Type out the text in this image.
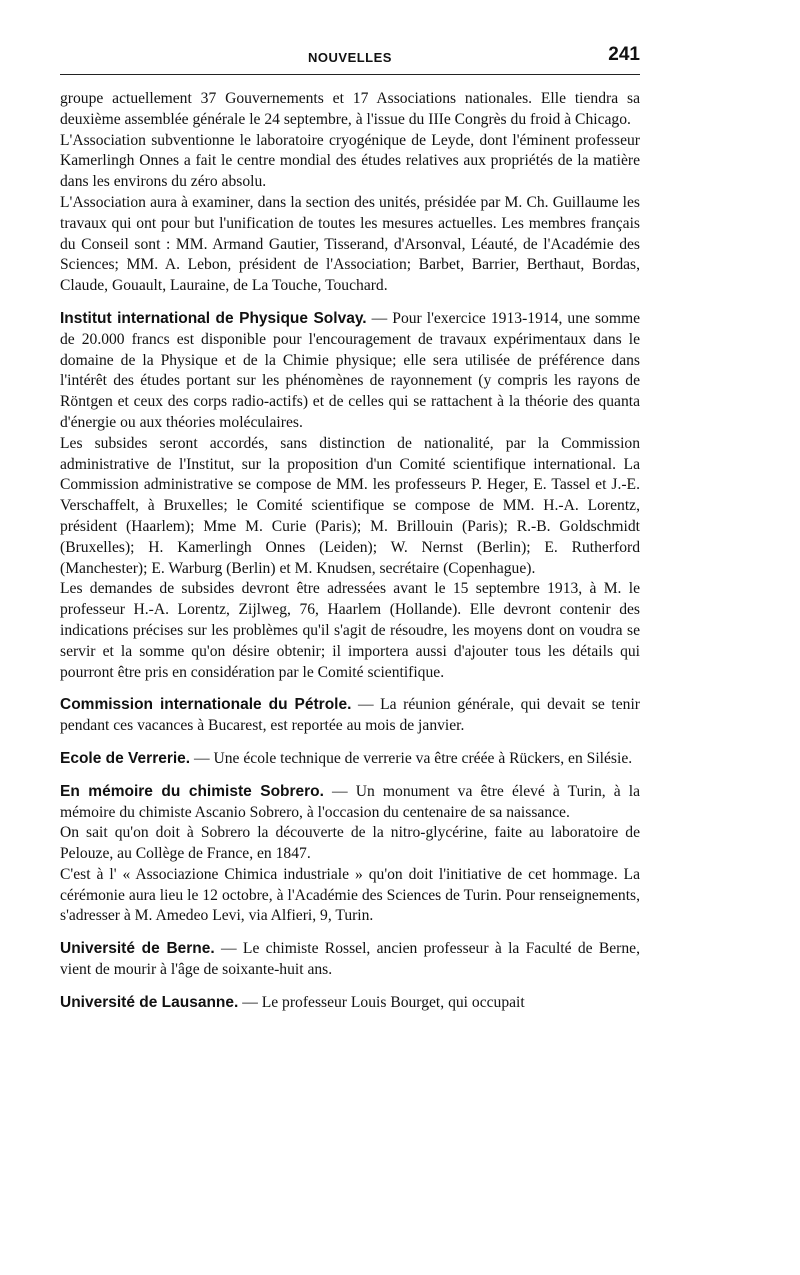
NOUVELLES	241

groupe actuellement 37 Gouvernements et 17 Associations nationales. Elle tiendra sa deuxième assemblée générale le 24 septembre, à l'issue du IIIe Congrès du froid à Chicago.

L'Association subventionne le laboratoire cryogénique de Leyde, dont l'éminent professeur Kamerlingh Onnes a fait le centre mondial des études relatives aux propriétés de la matière dans les environs du zéro absolu.

L'Association aura à examiner, dans la section des unités, présidée par M. Ch. Guillaume les travaux qui ont pour but l'unification de toutes les mesures actuelles. Les membres français du Conseil sont : MM. Armand Gautier, Tisserand, d'Arsonval, Léauté, de l'Académie des Sciences; MM. A. Lebon, président de l'Association; Barbet, Barrier, Berthaut, Bordas, Claude, Gouault, Lauraine, de La Touche, Touchard.

Institut international de Physique Solvay. — Pour l'exercice 1913-1914, une somme de 20.000 francs est disponible pour l'encouragement de travaux expérimentaux dans le domaine de la Physique et de la Chimie physique; elle sera utilisée de préférence dans l'intérêt des études portant sur les phénomènes de rayonnement (y compris les rayons de Röntgen et ceux des corps radio-actifs) et de celles qui se rattachent à la théorie des quanta d'énergie ou aux théories moléculaires.

Les subsides seront accordés, sans distinction de nationalité, par la Commission administrative de l'Institut, sur la proposition d'un Comité scientifique international. La Commission administrative se compose de MM. les professeurs P. Heger, E. Tassel et J.-E. Verschaffelt, à Bruxelles; le Comité scientifique se compose de MM. H.-A. Lorentz, président (Haarlem); Mme M. Curie (Paris); M. Brillouin (Paris); R.-B. Goldschmidt (Bruxelles); H. Kamerlingh Onnes (Leiden); W. Nernst (Berlin); E. Rutherford (Manchester); E. Warburg (Berlin) et M. Knudsen, secrétaire (Copenhague).

Les demandes de subsides devront être adressées avant le 15 septembre 1913, à M. le professeur H.-A. Lorentz, Zijlweg, 76, Haarlem (Hollande). Elle devront contenir des indications précises sur les problèmes qu'il s'agit de résoudre, les moyens dont on voudra se servir et la somme qu'on désire obtenir; il importera aussi d'ajouter tous les détails qui pourront être pris en considération par le Comité scientifique.

Commission internationale du Pétrole. — La réunion générale, qui devait se tenir pendant ces vacances à Bucarest, est reportée au mois de janvier.

Ecole de Verrerie. — Une école technique de verrerie va être créée à Rückers, en Silésie.

En mémoire du chimiste Sobrero. — Un monument va être élevé à Turin, à la mémoire du chimiste Ascanio Sobrero, à l'occasion du centenaire de sa naissance.

On sait qu'on doit à Sobrero la découverte de la nitro-glycérine, faite au laboratoire de Pelouze, au Collège de France, en 1847.

C'est à l' « Associazione Chimica industriale » qu'on doit l'initiative de cet hommage. La cérémonie aura lieu le 12 octobre, à l'Académie des Sciences de Turin. Pour renseignements, s'adresser à M. Amedeo Levi, via Alfieri, 9, Turin.

Université de Berne. — Le chimiste Rossel, ancien professeur à la Faculté de Berne, vient de mourir à l'âge de soixante-huit ans.

Université de Lausanne. — Le professeur Louis Bourget, qui occupait
